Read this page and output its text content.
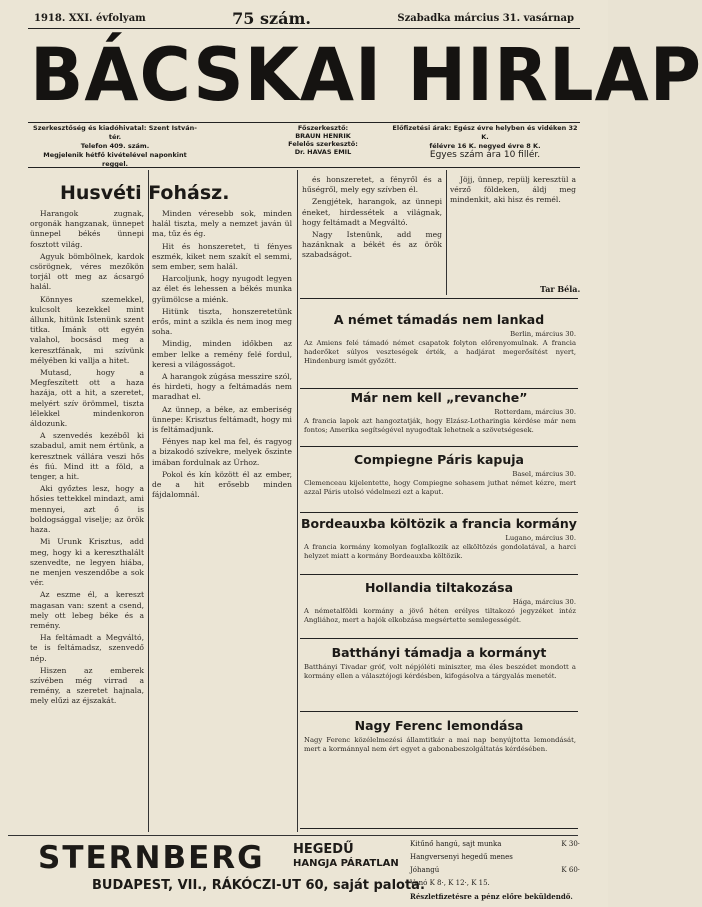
1918. XXI. évfolyam	75 szám.	Szabadka március 31. vasárnap
BÁCSKAI HIRLAP
Szerkesztőség és kiadóhivatal: Szent István-tér.
Telefon 409. szám.
Megjelenik hétfő kivételével naponkint reggel.
Főszerkesztő:
BRAUN HENRIK
Felelős szerkesztő:
Dr. HAVAS EMIL
Előfizetési árak: Egész évre helyben és vidéken 32 K.
félévre 16 K. negyed évre 8 K.
Egyes szám ára 10 fillér.
Husvéti Fohász.

Harangok zugnak, orgonák hangzanak, ünnepet ünnepel békés ünnepi fosztott világ.

Agyuk bömbölnek, kardok csörögnek, véres mezőkön torjál ott meg az ácsargó halál.

Könnyes szemekkel, kulcsolt kezekkel mint állunk, hitünk Istenünk szent titka. Imánk ott egyén valahol, bocsásd meg a keresztfának, mi szívünk mélyében ki vallja a hitet.

Mutasd, hogy a Megfeszített ott a haza hazája, ott a hit, a szeretet, melyért szív örömmel, tiszta lélekkel mindenkoron áldozunk.

A szenvedés kezéből ki szabadul, amit nem értünk, a keresztnek vállára veszi hős és fiú. Mind itt a föld, a tenger, a hit.

Aki győztes lesz, hogy a hősies tettekkel mindazt, ami mennyei, azt ő is boldogsággal viselje; az örök haza.

Mi Urunk Krisztus, add meg, hogy ki a kereszthalált szenvedte, ne legyen hiába, ne menjen veszendőbe a sok vér.

Az eszme él, a kereszt magasan van: szent a csend, mely ott lebeg béke és a remény.

Ha feltámadt a Megváltó, te is feltámadsz, szenvedő nép.

Hiszen az emberek szívében még virrad a remény, a szeretet hajnala, mely elűzi az éjszakát.

Minden véresebb sok, minden halál tiszta, mely a nemzet javán ül ma, tűz és ég.

Hit és honszeretet, ti fényes eszmék, kiket nem szakít el semmi, sem ember, sem halál.

Harcoljunk, hogy nyugodt legyen az élet és lehessen a békés munka gyümölcse a miénk.

Hitünk tiszta, honszeretetünk erős, mint a szikla és nem inog meg soha.

Mindig, minden időkben az ember lelke a remény felé fordul, keresi a világosságot.

A harangok zúgása messzire szól, és hirdeti, hogy a feltámadás nem maradhat el.

Az ünnep, a béke, az emberiség ünnepe: Krisztus feltámadt, hogy mi is feltámadjunk.

Fényes nap kel ma fel, és ragyog a bizakodó szívekre, melyek őszinte imában fordulnak az Úrhoz.

Pokol és kín között él az ember, de a hit erősebb minden fájdalomnál.

és honszeretet, a fényről és a hűségről, mely egy szívben él.

Zengjétek, harangok, az ünnepi éneket, hirdessétek a világnak, hogy feltámadt a Megváltó.

Nagy Istenünk, add meg hazánknak a békét és az örök szabadságot.

Jöjj, ünnep, repülj keresztül a vérző földeken, áldj meg mindenkit, aki hisz és remél.

Tar Béla.
A német támadás nem lankad
Berlin, március 30.
Az Amiens felé támadó német csapatok folyton előrenyomulnak. A francia haderőket súlyos veszteségek érték, a hadjárat megerősítést nyert, Hindenburg ismét győzött.
Már nem kell „revanche”
Rotterdam, március 30.
A francia lapok azt hangoztatják, hogy Elzász-Lotharingia kérdése már nem fontos; Amerika segítségével nyugodtak lehetnek a szövetségesek.
Compiegne Páris kapuja
Basel, március 30.
Clemenceau kijelentette, hogy Compiegne sohasem juthat német kézre, mert azzal Páris utolsó védelmezi ezt a kaput.
Bordeauxba költözik a francia kormány
Lugano, március 30.
A francia kormány komolyan foglalkozik az elköltözés gondolatával, a harci helyzet miatt a kormány Bordeauxba költözik.
Hollandia tiltakozása
Hága, március 30.
A németalföldi kormány a jövő héten erélyes tiltakozó jegyzéket intéz Angliához, mert a hajók elkobzása megsértette semlegességét.
Batthányi támadja a kormányt
Batthányi Tivadar gróf, volt népjóléti miniszter, ma éles beszédet mondott a kormány ellen a választójogi kérdésben, kifogásolva a tárgyalás menetét.
Nagy Ferenc lemondása
Nagy Ferenc közélelmezési államtitkár a mai nap benyújtotta lemondását, mert a kormánnyal nem ért egyet a gabonabeszolgáltatás kérdésében.
STERNBERG HEGEDŰ
HANGJA PÁRATLAN
BUDAPEST, VII., RÁKÓCZI-UT 60, saját palota.
Kitűnő hangú, sajt munka	K 30·
Hangversenyi hegedű menes
Jóhangú	K 60·
Vonó K 8·, K 12·, K 15.
Részletfizetésre a pénz előre beküldendő.
